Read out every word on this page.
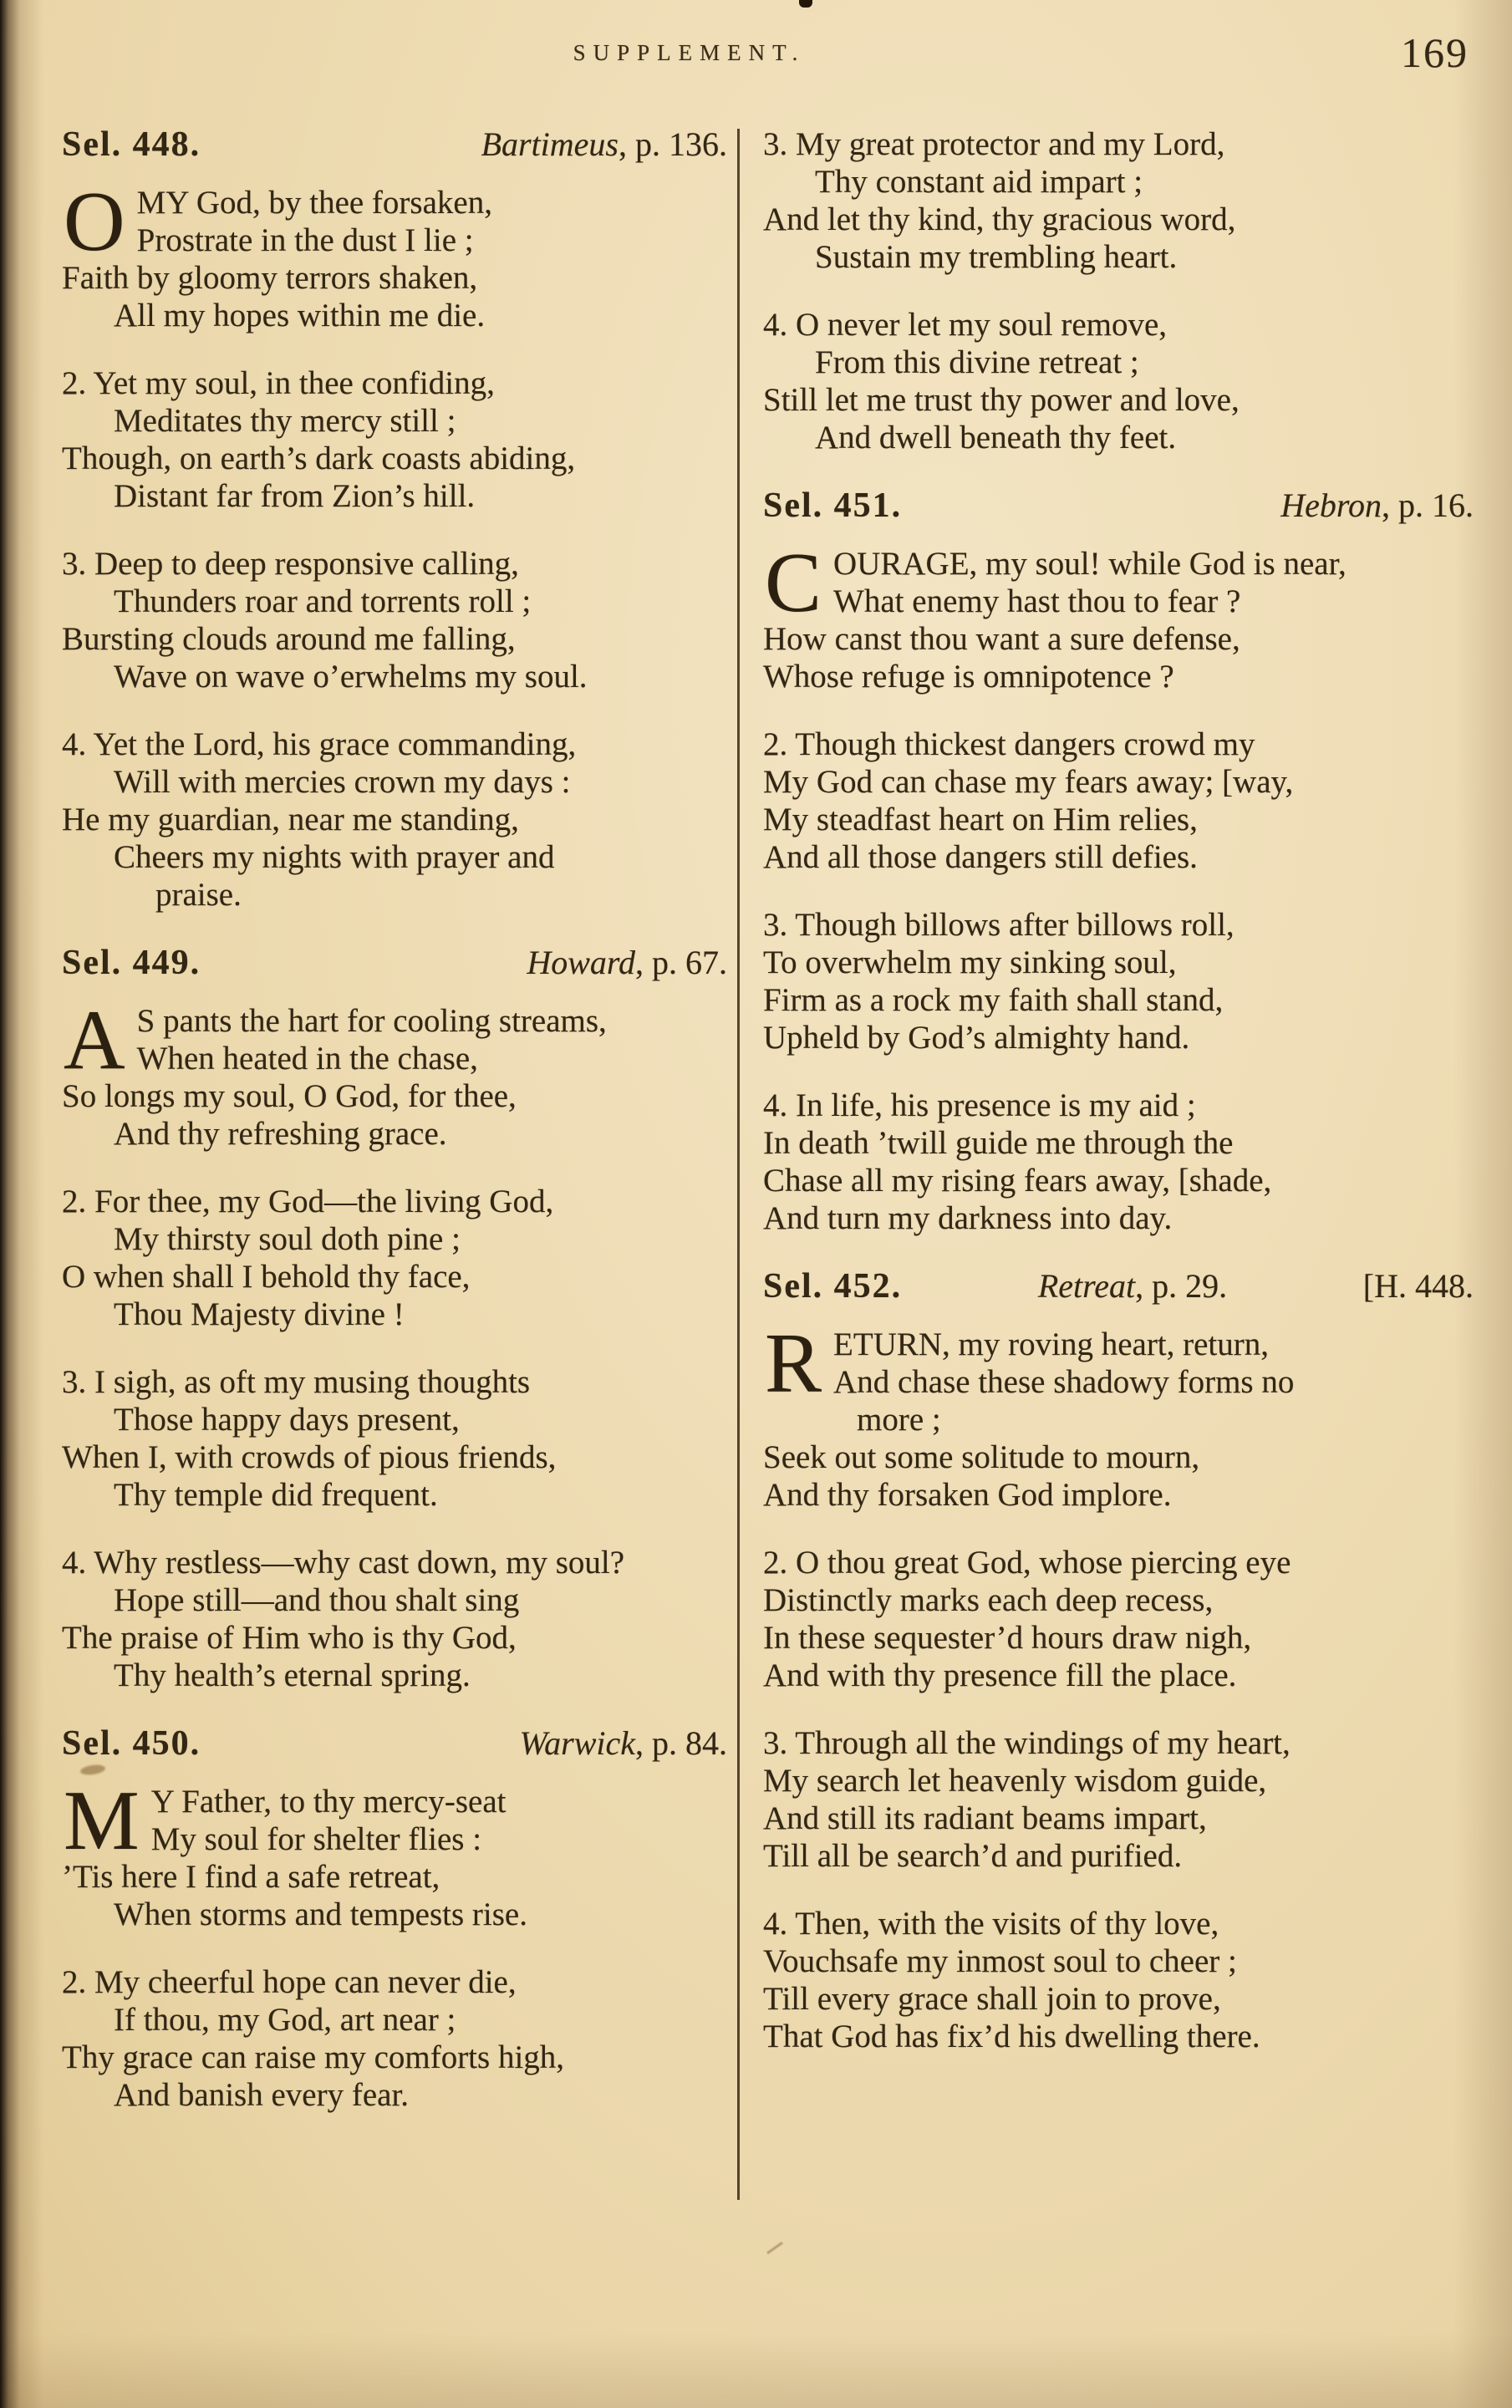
SUPPLEMENT.	169
Sel. 448.	Bartimeus, p. 136.
O MY God, by thee forsaken,
Prostrate in the dust I lie ;
Faith by gloomy terrors shaken,
All my hopes within me die.
2. Yet my soul, in thee confiding,
Meditates thy mercy still ;
Though, on earth’s dark coasts abiding,
Distant far from Zion’s hill.
3. Deep to deep responsive calling,
Thunders roar and torrents roll ;
Bursting clouds around me falling,
Wave on wave o’erwhelms my soul.
4. Yet the Lord, his grace commanding,
Will with mercies crown my days :
He my guardian, near me standing,
Cheers my nights with prayer and
praise.
Sel. 449.	Howard, p. 67.
A S pants the hart for cooling streams,
When heated in the chase,
So longs my soul, O God, for thee,
And thy refreshing grace.
2. For thee, my God—the living God,
My thirsty soul doth pine ;
O when shall I behold thy face,
Thou Majesty divine !
3. I sigh, as oft my musing thoughts
Those happy days present,
When I, with crowds of pious friends,
Thy temple did frequent.
4. Why restless—why cast down, my soul?
Hope still—and thou shalt sing
The praise of Him who is thy God,
Thy health’s eternal spring.
Sel. 450.	Warwick, p. 84.
M Y Father, to thy mercy-seat
My soul for shelter flies :
’Tis here I find a safe retreat,
When storms and tempests rise.
2. My cheerful hope can never die,
If thou, my God, art near ;
Thy grace can raise my comforts high,
And banish every fear.
3. My great protector and my Lord,
Thy constant aid impart ;
And let thy kind, thy gracious word,
Sustain my trembling heart.
4. O never let my soul remove,
From this divine retreat ;
Still let me trust thy power and love,
And dwell beneath thy feet.
Sel. 451.	Hebron, p. 16.
C OURAGE, my soul! while God is near,
What enemy hast thou to fear ?
How canst thou want a sure defense,
Whose refuge is omnipotence ?
2. Though thickest dangers crowd my
My God can chase my fears away; [way,
My steadfast heart on Him relies,
And all those dangers still defies.
3. Though billows after billows roll,
To overwhelm my sinking soul,
Firm as a rock my faith shall stand,
Upheld by God’s almighty hand.
4. In life, his presence is my aid ;
In death ’twill guide me through the
Chase all my rising fears away, [shade,
And turn my darkness into day.
Sel. 452.	Retreat, p. 29.	[H. 448.
R ETURN, my roving heart, return,
And chase these shadowy forms no
more ;
Seek out some solitude to mourn,
And thy forsaken God implore.
2. O thou great God, whose piercing eye
Distinctly marks each deep recess,
In these sequester’d hours draw nigh,
And with thy presence fill the place.
3. Through all the windings of my heart,
My search let heavenly wisdom guide,
And still its radiant beams impart,
Till all be search’d and purified.
4. Then, with the visits of thy love,
Vouchsafe my inmost soul to cheer ;
Till every grace shall join to prove,
That God has fix’d his dwelling there.
